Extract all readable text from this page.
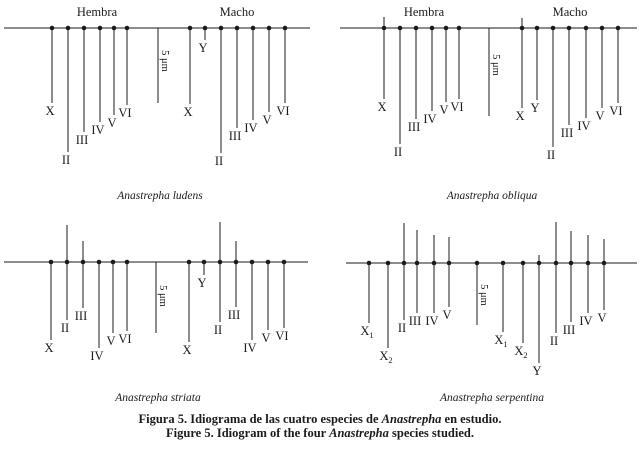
Hembra	Macho
X
II
III
IV V
VI	X
Y
II
III
IV
V
VI
5 μm
Anastrepha ludens
Hembra	Macho
X
II
III
IV
V VI
X
Y
II
III IV
V VI
5 μm
Anastrepha obliqua
X
II
III
IV
V VI
X
Y
II
III
IV
V VI
5 μm
Anastrepha striata
$X_1$
$X_2$
II III IV V
$X_1$ $X_2$
Y
II
III
IV V
5 μm
Anastrepha serpentina
Figura 5. Idiograma de las cuatro especies de Anastrepha en estudio.
Figure 5. Idiogram of the four Anastrepha species studied.
